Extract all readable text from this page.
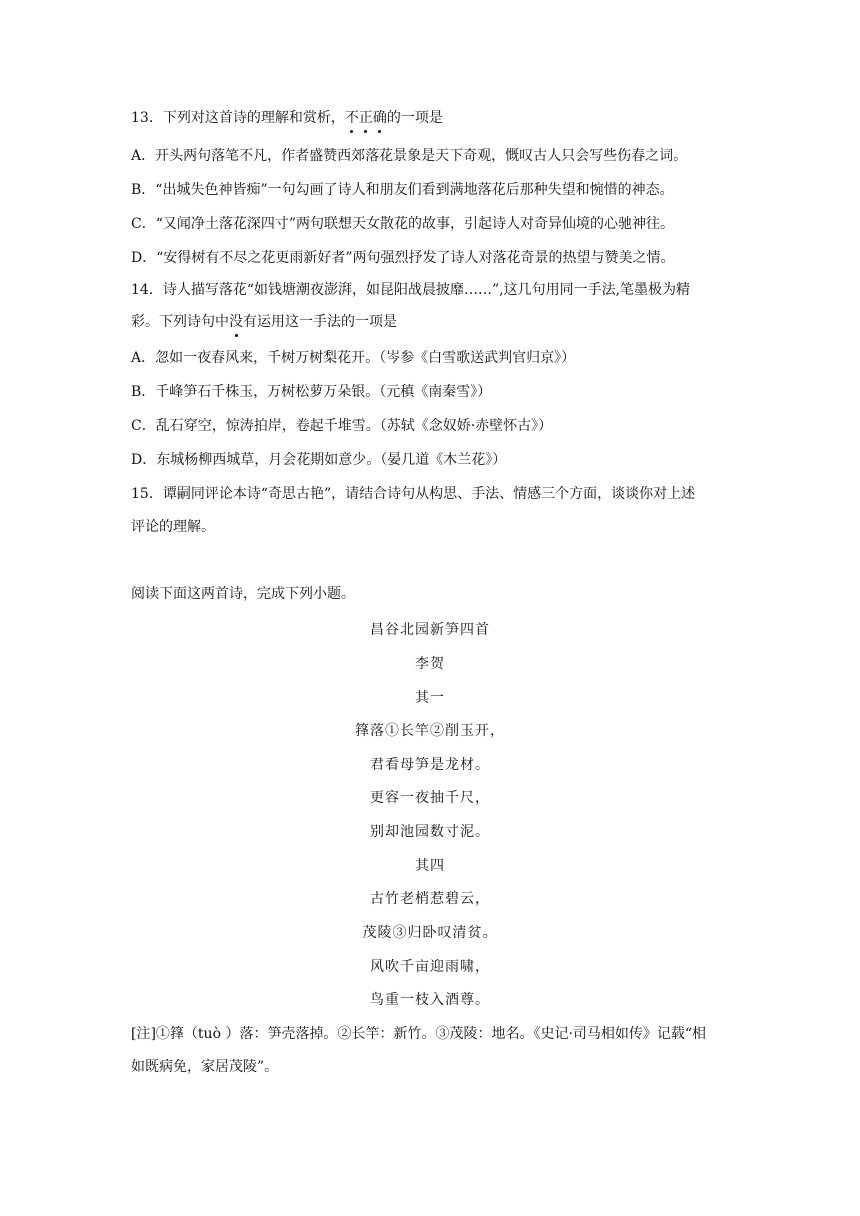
13．下列对这首诗的理解和赏析，不正确的一项是
A．开头两句落笔不凡，作者盛赞西郊落花景象是天下奇观，慨叹古人只会写些伤春之词。
B．“出城失色神皆痴”一句勾画了诗人和朋友们看到满地落花后那种失望和惋惜的神态。
C．“又闻净土落花深四寸”两句联想天女散花的故事，引起诗人对奇异仙境的心驰神往。
D．“安得树有不尽之花更雨新好者”两句强烈抒发了诗人对落花奇景的热望与赞美之情。
14．诗人描写落花“如钱塘潮夜澎湃，如昆阳战晨披靡……”,这几句用同一手法,笔墨极为精
彩。下列诗句中没有运用这一手法的一项是
A．忽如一夜春风来，千树万树梨花开。（岑参《白雪歌送武判官归京》）
B．千峰笋石千株玉，万树松萝万朵银。（元稹《南秦雪》）
C．乱石穿空，惊涛拍岸，卷起千堆雪。（苏轼《念奴娇·赤壁怀古》）
D．东城杨柳西城草，月会花期如意少。（晏几道《木兰花》）
15．谭嗣同评论本诗“奇思古艳”，请结合诗句从构思、手法、情感三个方面，谈谈你对上述
评论的理解。
阅读下面这两首诗，完成下列小题。
昌谷北园新笋四首
李贺
其一
箨落①长竿②削玉开，
君看母笋是龙材。
更容一夜抽千尺，
别却池园数寸泥。
其四
古竹老梢惹碧云，
茂陵③归卧叹清贫。
风吹千亩迎雨啸，
鸟重一枝入酒尊。
[注]①箨（tuò ）落：笋壳落掉。②长竿：新竹。③茂陵：地名。《史记·司马相如传》记载“相
如既病免，家居茂陵”。
